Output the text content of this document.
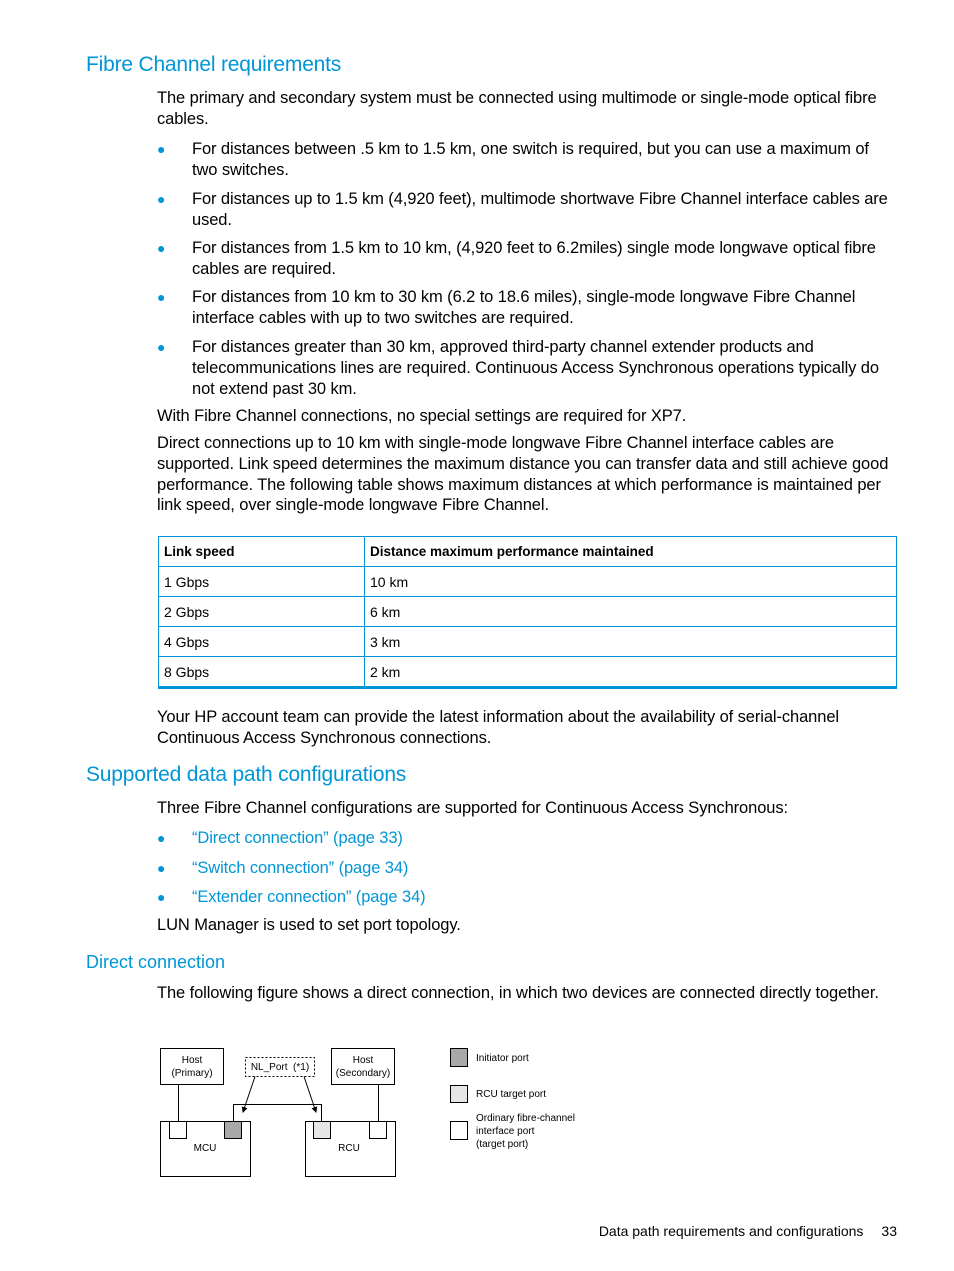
Fibre Channel requirements

The primary and secondary system must be connected using multimode or single-mode optical fibre cables.

● For distances between .5 km to 1.5 km, one switch is required, but you can use a maximum of two switches.
● For distances up to 1.5 km (4,920 feet), multimode shortwave Fibre Channel interface cables are used.
● For distances from 1.5 km to 10 km, (4,920 feet to 6.2miles) single mode longwave optical fibre cables are required.
● For distances from 10 km to 30 km (6.2 to 18.6 miles), single-mode longwave Fibre Channel interface cables with up to two switches are required.
● For distances greater than 30 km, approved third-party channel extender products and telecommunications lines are required. Continuous Access Synchronous operations typically do not extend past 30 km.

With Fibre Channel connections, no special settings are required for XP7.

Direct connections up to 10 km with single-mode longwave Fibre Channel interface cables are supported. Link speed determines the maximum distance you can transfer data and still achieve good performance. The following table shows maximum distances at which performance is maintained per link speed, over single-mode longwave Fibre Channel.

Link speed	Distance maximum performance maintained
1 Gbps	10 km
2 Gbps	6 km
4 Gbps	3 km
8 Gbps	2 km

Your HP account team can provide the latest information about the availability of serial-channel Continuous Access Synchronous connections.

Supported data path configurations

Three Fibre Channel configurations are supported for Continuous Access Synchronous:

● “Direct connection” (page 33)
● “Switch connection” (page 34)
● “Extender connection” (page 34)

LUN Manager is used to set port topology.

Direct connection

The following figure shows a direct connection, in which two devices are connected directly together.

Host
(Primary)
Host
(Secondary)
NL_Port  (*1)
MCU	RCU
Initiator port
RCU target port
Ordinary fibre-channel
interface port
(target port)
Data path requirements and configurations 33
